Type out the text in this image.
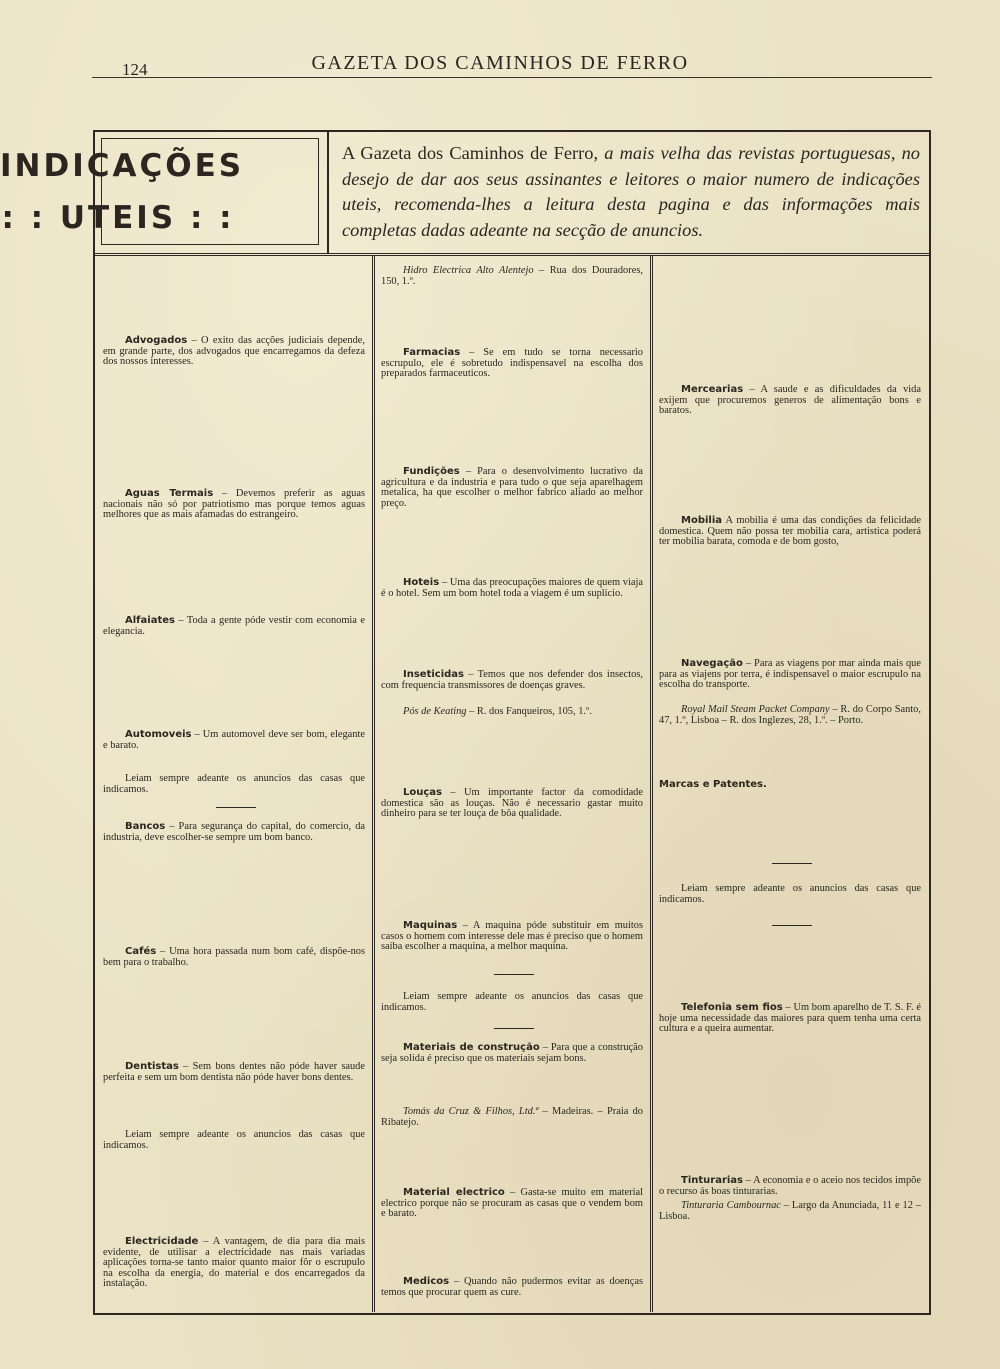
124	GAZETA DOS CAMINHOS DE FERRO
INDICAÇÕES
: : UTEIS : :
A Gazeta dos Caminhos de Ferro, a mais velha das revistas portuguesas, no desejo de dar aos seus assinantes e leitores o maior numero de indicações uteis, recomenda-lhes a leitura desta pagina e das informações mais completas dadas adeante na secção de anuncios.
Advogados – O exito das acções judiciais depende, em grande parte, dos advogados que encarregamos da defeza dos nossos interesses.
Aguas Termais – Devemos preferir as aguas nacionais não só por patriotismo mas porque temos aguas melhores que as mais afamadas do estrangeiro.
Alfaiates – Toda a gente póde vestir com economia e elegancia.
Automoveis – Um automovel deve ser bom, elegante e barato.
Leiam sempre adeante os anuncios das casas que indicamos.
Bancos – Para segurança do capital, do comercio, da industria, deve escolher-se sempre um bom banco.
Cafés – Uma hora passada num bom café, dispõe-nos bem para o trabalho.
Dentistas – Sem bons dentes não póde haver saude perfeita e sem um bom dentista não póde haver bons dentes.
Leiam sempre adeante os anuncios das casas que indicamos.
Electricidade – A vantagem, de dia para dia mais evidente, de utilisar a electricidade nas mais variadas aplicações torna-se tanto maior quanto maior fôr o escrupulo na escolha da energia, do material e dos encarregados da instalação.
Hidro Electrica Alto Alentejo – Rua dos Douradores, 150, 1.º.
Farmacias – Se em tudo se torna necessario escrupulo, ele é sobretudo indispensavel na escolha dos preparados farmaceuticos.
Fundições – Para o desenvolvimento lucrativo da agricultura e da industria e para tudo o que seja aparelhagem metalica, ha que escolher o melhor fabrico aliado ao melhor preço.
Hoteis – Uma das preocupações maiores de quem viaja é o hotel. Sem um bom hotel toda a viagem é um suplicio.
Inseticidas – Temos que nos defender dos insectos, com frequencia transmissores de doenças graves.
Pós de Keating – R. dos Fanqueiros, 105, 1.º.
Louças – Um importante factor da comodidade domestica são as louças. Não é necessario gastar muito dinheiro para se ter louça de bôa qualidade.
Maquinas – A maquina póde substituir em muitos casos o homem com interesse dele mas é preciso que o homem saiba escolher a maquina, a melhor maquina.
Leiam sempre adeante os anuncios das casas que indicamos.
Materiais de construção – Para que a construção seja solida é preciso que os materiais sejam bons.
Tomás da Cruz & Filhos, Ltd.ª – Madeiras. – Praia do Ribatejo.
Material electrico – Gasta-se muito em material electrico porque não se procuram as casas que o vendem bom e barato.
Medicos – Quando não pudermos evitar as doenças temos que procurar quem as cure.
Mercearias – A saude e as dificuldades da vida exijem que procuremos generos de alimentação bons e baratos.
Mobilia A mobilia é uma das condições da felicidade domestica. Quem não possa ter mobilia cara, artistica poderá ter mobilia barata, comoda e de bom gosto,
Navegação – Para as viagens por mar ainda mais que para as viajens por terra, é indispensavel o maior escrupulo na escolha do transporte.
Royal Mail Steam Packet Company – R. do Corpo Santo, 47, 1.º, Lisboa – R. dos Inglezes, 28, 1.º. – Porto.
Marcas e Patentes.
Leiam sempre adeante os anuncios das casas que indicamos.
Telefonia sem fios – Um bom aparelho de T. S. F. é hoje uma necessidade das maiores para quem tenha uma certa cultura e a queira aumentar.
Tinturarias – A economia e o aceio nos tecidos impõe o recurso ás boas tinturarias.
Tinturaria Cambournac – Largo da Anunciada, 11 e 12 – Lisboa.
